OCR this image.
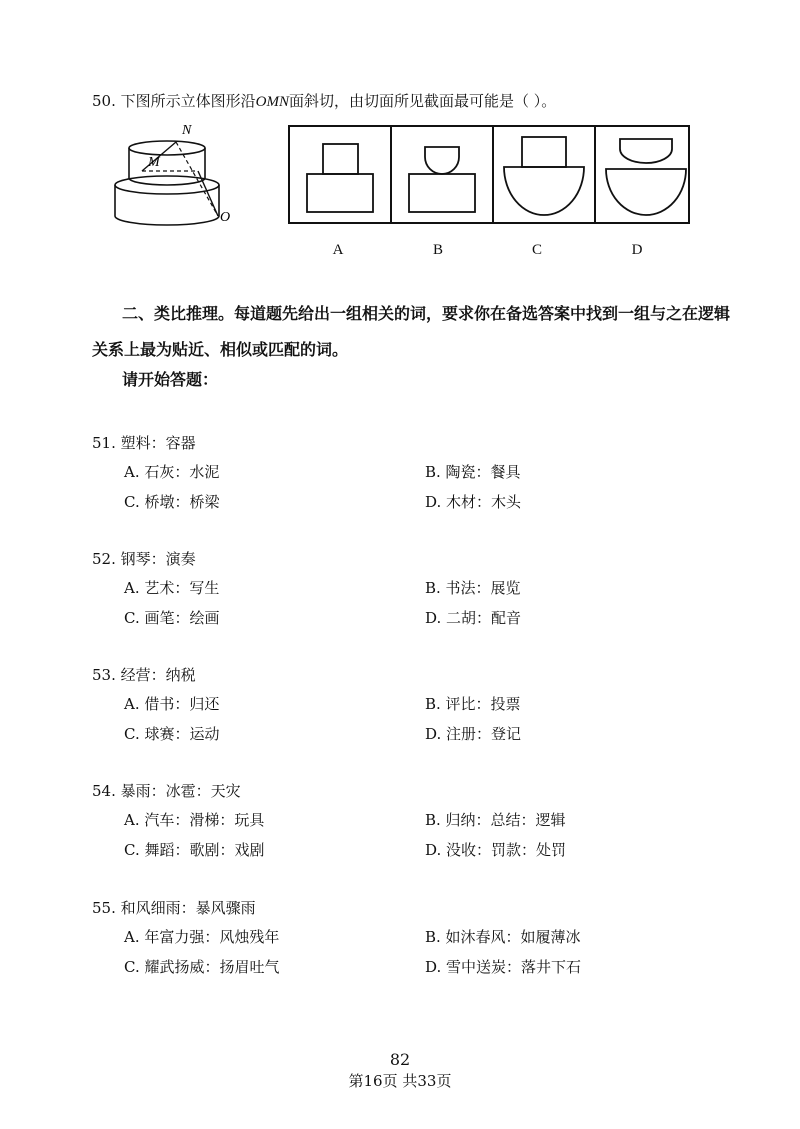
50. 下图所示立体图形沿OMN面斜切，由切面所见截面最可能是（ ）。
N
M
O
A	B	C	D
二、类比推理。每道题先给出一组相关的词，要求你在备选答案中找到一组与之在逻辑关系上最为贴近、相似或匹配的词。
请开始答题：
51. 塑料：容器
A. 石灰：水泥	B. 陶瓷：餐具
C. 桥墩：桥梁	D. 木材：木头
52. 钢琴：演奏
A. 艺术：写生	B. 书法：展览
C. 画笔：绘画	D. 二胡：配音
53. 经营：纳税
A. 借书：归还	B. 评比：投票
C. 球赛：运动	D. 注册：登记
54. 暴雨：冰雹：天灾
A. 汽车：滑梯：玩具	B. 归纳：总结：逻辑
C. 舞蹈：歌剧：戏剧	D. 没收：罚款：处罚
55. 和风细雨：暴风骤雨
A. 年富力强：风烛残年	B. 如沐春风：如履薄冰
C. 耀武扬威：扬眉吐气	D. 雪中送炭：落井下石
82
第16页 共33页
